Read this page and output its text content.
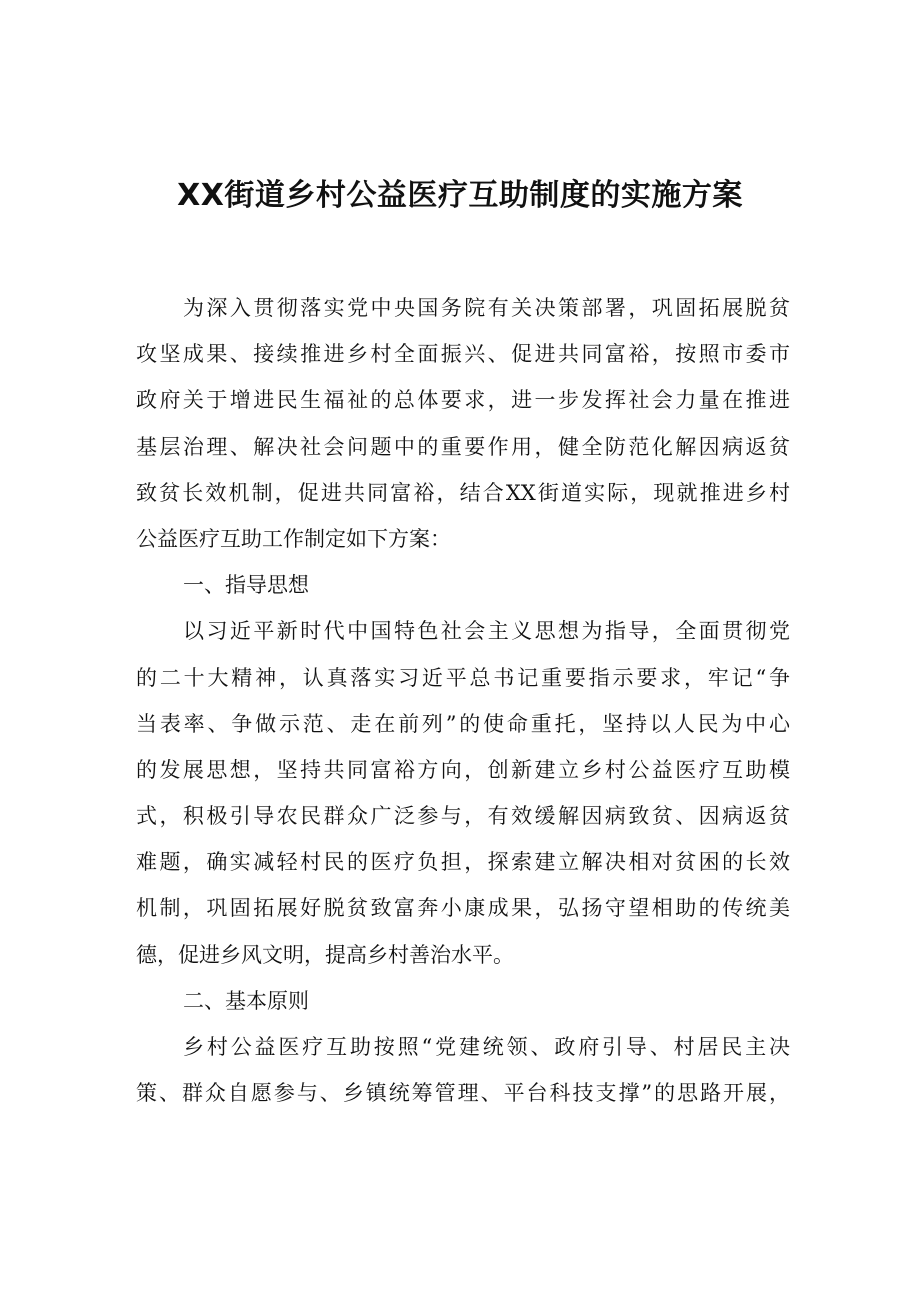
XX街道乡村公益医疗互助制度的实施方案
为深入贯彻落实党中央国务院有关决策部署，巩固拓展脱贫
攻坚成果、接续推进乡村全面振兴、促进共同富裕，按照市委市
政府关于增进民生福祉的总体要求，进一步发挥社会力量在推进
基层治理、解决社会问题中的重要作用，健全防范化解因病返贫
致贫长效机制，促进共同富裕，结合XX街道实际，现就推进乡村
公益医疗互助工作制定如下方案：
一、指导思想
以习近平新时代中国特色社会主义思想为指导，全面贯彻党
的二十大精神，认真落实习近平总书记重要指示要求，牢记“争
当表率、争做示范、走在前列”的使命重托，坚持以人民为中心
的发展思想，坚持共同富裕方向，创新建立乡村公益医疗互助模
式，积极引导农民群众广泛参与，有效缓解因病致贫、因病返贫
难题，确实减轻村民的医疗负担，探索建立解决相对贫困的长效
机制，巩固拓展好脱贫致富奔小康成果，弘扬守望相助的传统美
德，促进乡风文明，提高乡村善治水平。
二、基本原则
乡村公益医疗互助按照“党建统领、政府引导、村居民主决
策、群众自愿参与、乡镇统筹管理、平台科技支撑”的思路开展，
